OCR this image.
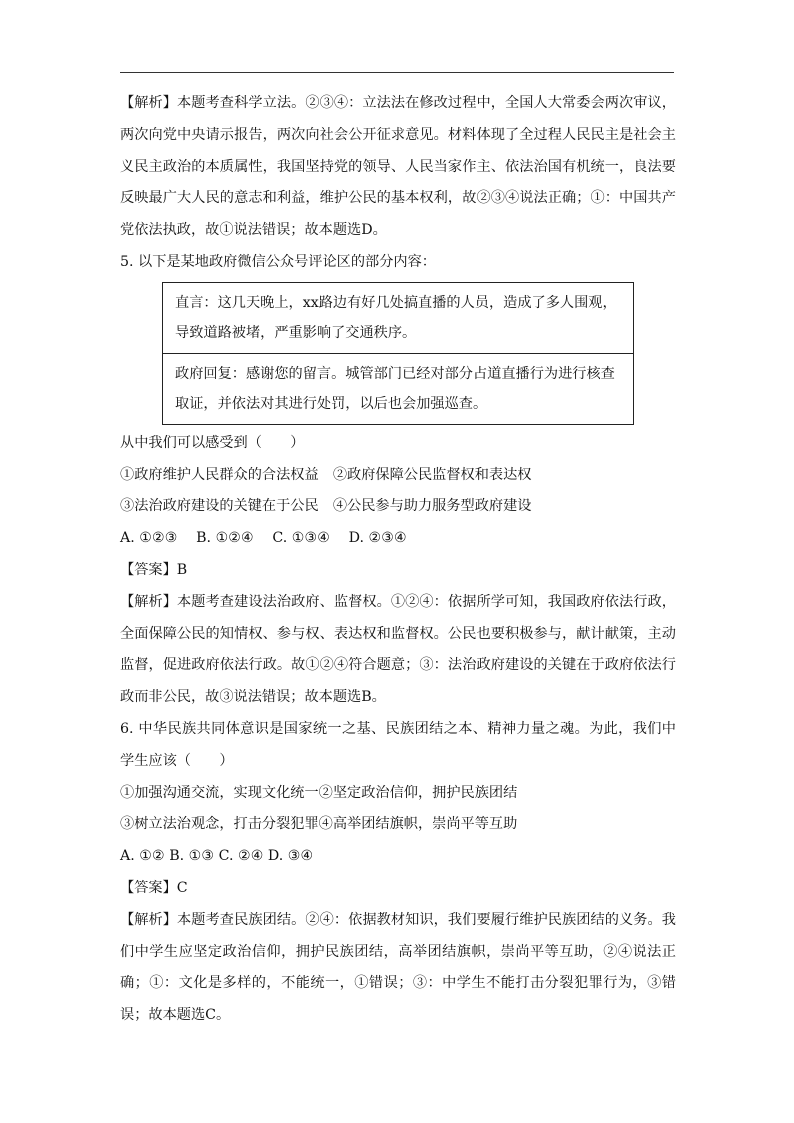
【解析】本题考查科学立法。②③④：立法法在修改过程中，全国人大常委会两次审议，两次向党中央请示报告，两次向社会公开征求意见。材料体现了全过程人民民主是社会主义民主政治的本质属性，我国坚持党的领导、人民当家作主、依法治国有机统一，良法要反映最广大人民的意志和利益，维护公民的基本权利，故②③④说法正确；①：中国共产党依法执政，故①说法错误；故本题选D。

5. 以下是某地政府微信公众号评论区的部分内容：

直言：这几天晚上，xx路边有好几处搞直播的人员，造成了多人围观，导致道路被堵，严重影响了交通秩序。
政府回复：感谢您的留言。城管部门已经对部分占道直播行为进行核查取证，并依法对其进行处罚，以后也会加强巡查。

从中我们可以感受到（　　）

①政府维护人民群众的合法权益　②政府保障公民监督权和表达权

③法治政府建设的关键在于公民　④公民参与助力服务型政府建设

A. ①②③　 B. ①②④　 C. ①③④　 D. ②③④

【答案】B

【解析】本题考查建设法治政府、监督权。①②④：依据所学可知，我国政府依法行政，全面保障公民的知情权、参与权、表达权和监督权。公民也要积极参与，献计献策，主动监督，促进政府依法行政。故①②④符合题意；③：法治政府建设的关键在于政府依法行政而非公民，故③说法错误；故本题选B。

6. 中华民族共同体意识是国家统一之基、民族团结之本、精神力量之魂。为此，我们中学生应该（　　）

①加强沟通交流，实现文化统一②坚定政治信仰，拥护民族团结

③树立法治观念，打击分裂犯罪④高举团结旗帜，崇尚平等互助

A. ①② B. ①③ C. ②④ D. ③④

【答案】C

【解析】本题考查民族团结。②④：依据教材知识，我们要履行维护民族团结的义务。我们中学生应坚定政治信仰，拥护民族团结，高举团结旗帜，崇尚平等互助，②④说法正确；①：文化是多样的，不能统一，①错误；③：中学生不能打击分裂犯罪行为，③错误；故本题选C。
